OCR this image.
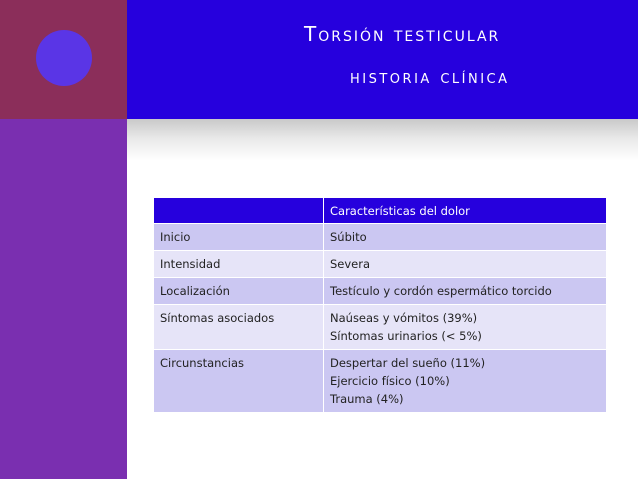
Torsión testicular
historia clínica
	Características del dolor
Inicio	Súbito

Intensidad	Severa

Localización	Testículo y cordón espermático torcido

Síntomas asociados	Naúseas y vómitos (39%)
Síntomas urinarios (< 5%)

Circunstancias	Despertar del sueño (11%)
Ejercicio físico (10%)
Trauma (4%)
